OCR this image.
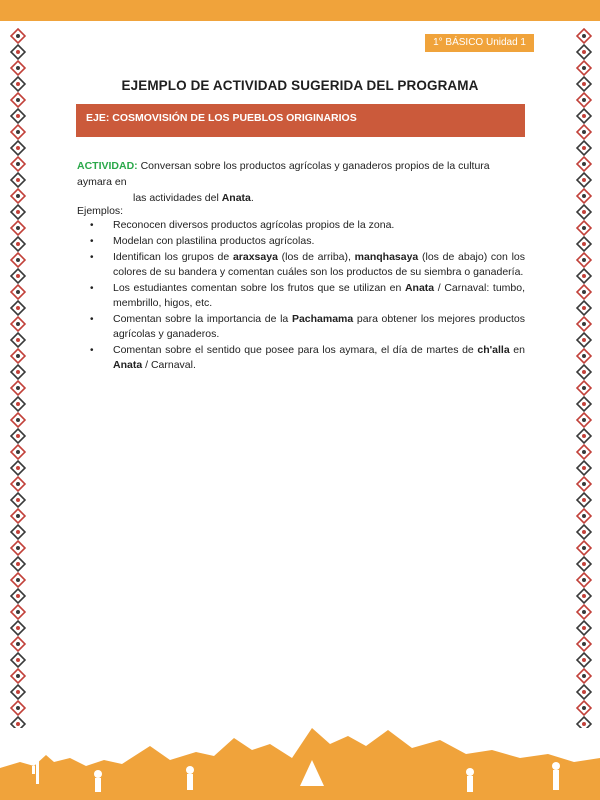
1° BÁSICO Unidad 1
EJEMPLO DE ACTIVIDAD SUGERIDA DEL PROGRAMA
EJE: COSMOVISIÓN DE LOS PUEBLOS ORIGINARIOS
ACTIVIDAD: Conversan sobre los productos agrícolas y ganaderos propios de la cultura aymara en
las actividades del Anata.
Ejemplos:
• Reconocen diversos productos agrícolas propios de la zona.
• Modelan con plastilina productos agrícolas.
• Identifican los grupos de araxsaya (los de arriba), manqhasaya (los de abajo) con los colores de su bandera y comentan cuáles son los productos de su siembra o ganadería.
• Los estudiantes comentan sobre los frutos que se utilizan en Anata / Carnaval: tumbo, membrillo, higos, etc.
• Comentan sobre la importancia de la Pachamama para obtener los mejores productos agrícolas y ganaderos.
• Comentan sobre el sentido que posee para los aymara, el día de martes de ch'alla en Anata / Carnaval.
